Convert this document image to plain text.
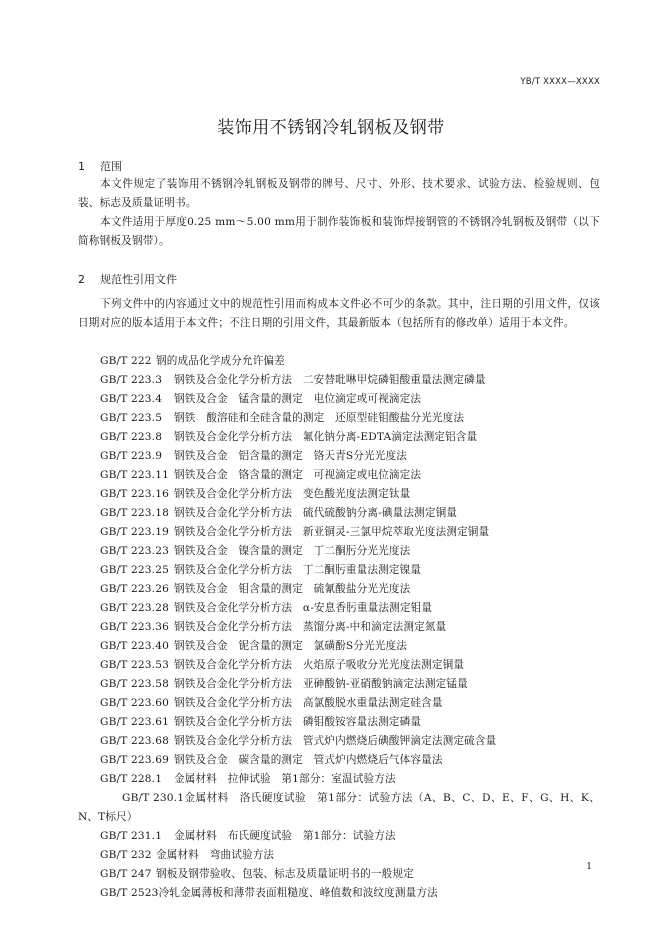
YB/T XXXX—XXXX
装饰用不锈钢冷轧钢板及钢带
1 范围

本文件规定了装饰用不锈钢冷轧钢板及钢带的牌号、尺寸、外形、技术要求、试验方法、检验规则、包装、标志及质量证明书。

本文件适用于厚度0.25 mm～5.00 mm用于制作装饰板和装饰焊接钢管的不锈钢冷轧钢板及钢带（以下简称钢板及钢带）。

2 规范性引用文件

下列文件中的内容通过文中的规范性引用而构成本文件必不可少的条款。其中，注日期的引用文件，仅该日期对应的版本适用于本文件；不注日期的引用文件，其最新版本（包括所有的修改单）适用于本文件。

GB/T 222 钢的成品化学成分允许偏差
GB/T 223.3 钢铁及合金化学分析方法　二安替吡啉甲烷磷钼酸重量法测定磷量
GB/T 223.4 钢铁及合金　锰含量的测定　电位滴定或可视滴定法
GB/T 223.5 钢铁　酸溶硅和全硅含量的测定　还原型硅钼酸盐分光光度法
GB/T 223.8 钢铁及合金化学分析方法　氟化钠分离-EDTA滴定法测定铝含量
GB/T 223.9 钢铁及合金　铝含量的测定　铬天青S分光光度法
GB/T 223.11 钢铁及合金　铬含量的测定　可视滴定或电位滴定法
GB/T 223.16 钢铁及合金化学分析方法　变色酸光度法测定钛量
GB/T 223.18 钢铁及合金化学分析方法　硫代硫酸钠分离-碘量法测定铜量
GB/T 223.19 钢铁及合金化学分析方法　新亚铜灵-三氯甲烷萃取光度法测定铜量
GB/T 223.23 钢铁及合金　镍含量的测定　丁二酮肟分光光度法
GB/T 223.25 钢铁及合金化学分析方法　丁二酮肟重量法测定镍量
GB/T 223.26 钢铁及合金　钼含量的测定　硫氰酸盐分光光度法
GB/T 223.28 钢铁及合金化学分析方法　α-安息香肟重量法测定钼量
GB/T 223.36 钢铁及合金化学分析方法　蒸馏分离-中和滴定法测定氮量
GB/T 223.40 钢铁及合金　铌含量的测定　氯磺酚S分光光度法
GB/T 223.53 钢铁及合金化学分析方法　火焰原子吸收分光光度法测定铜量
GB/T 223.58 钢铁及合金化学分析方法　亚砷酸钠-亚硝酸钠滴定法测定锰量
GB/T 223.60 钢铁及合金化学分析方法　高氯酸脱水重量法测定硅含量
GB/T 223.61 钢铁及合金化学分析方法　磷钼酸铵容量法测定磷量
GB/T 223.68 钢铁及合金化学分析方法　管式炉内燃烧后碘酸钾滴定法测定硫含量
GB/T 223.69 钢铁及合金　碳含量的测定　管式炉内燃烧后气体容量法
GB/T 228.1 金属材料　拉伸试验　第1部分：室温试验方法
GB/T 230.1金属材料　洛氏硬度试验　第1部分：试验方法（A、B、C、D、E、F、G、H、K、N、T标尺）
GB/T 231.1 金属材料　布氏硬度试验　第1部分：试验方法
GB/T 232 金属材料　弯曲试验方法
GB/T 247 钢板及钢带验收、包装、标志及质量证明书的一般规定
GB/T 2523冷轧金属薄板和薄带表面粗糙度、峰值数和波纹度测量方法
1
